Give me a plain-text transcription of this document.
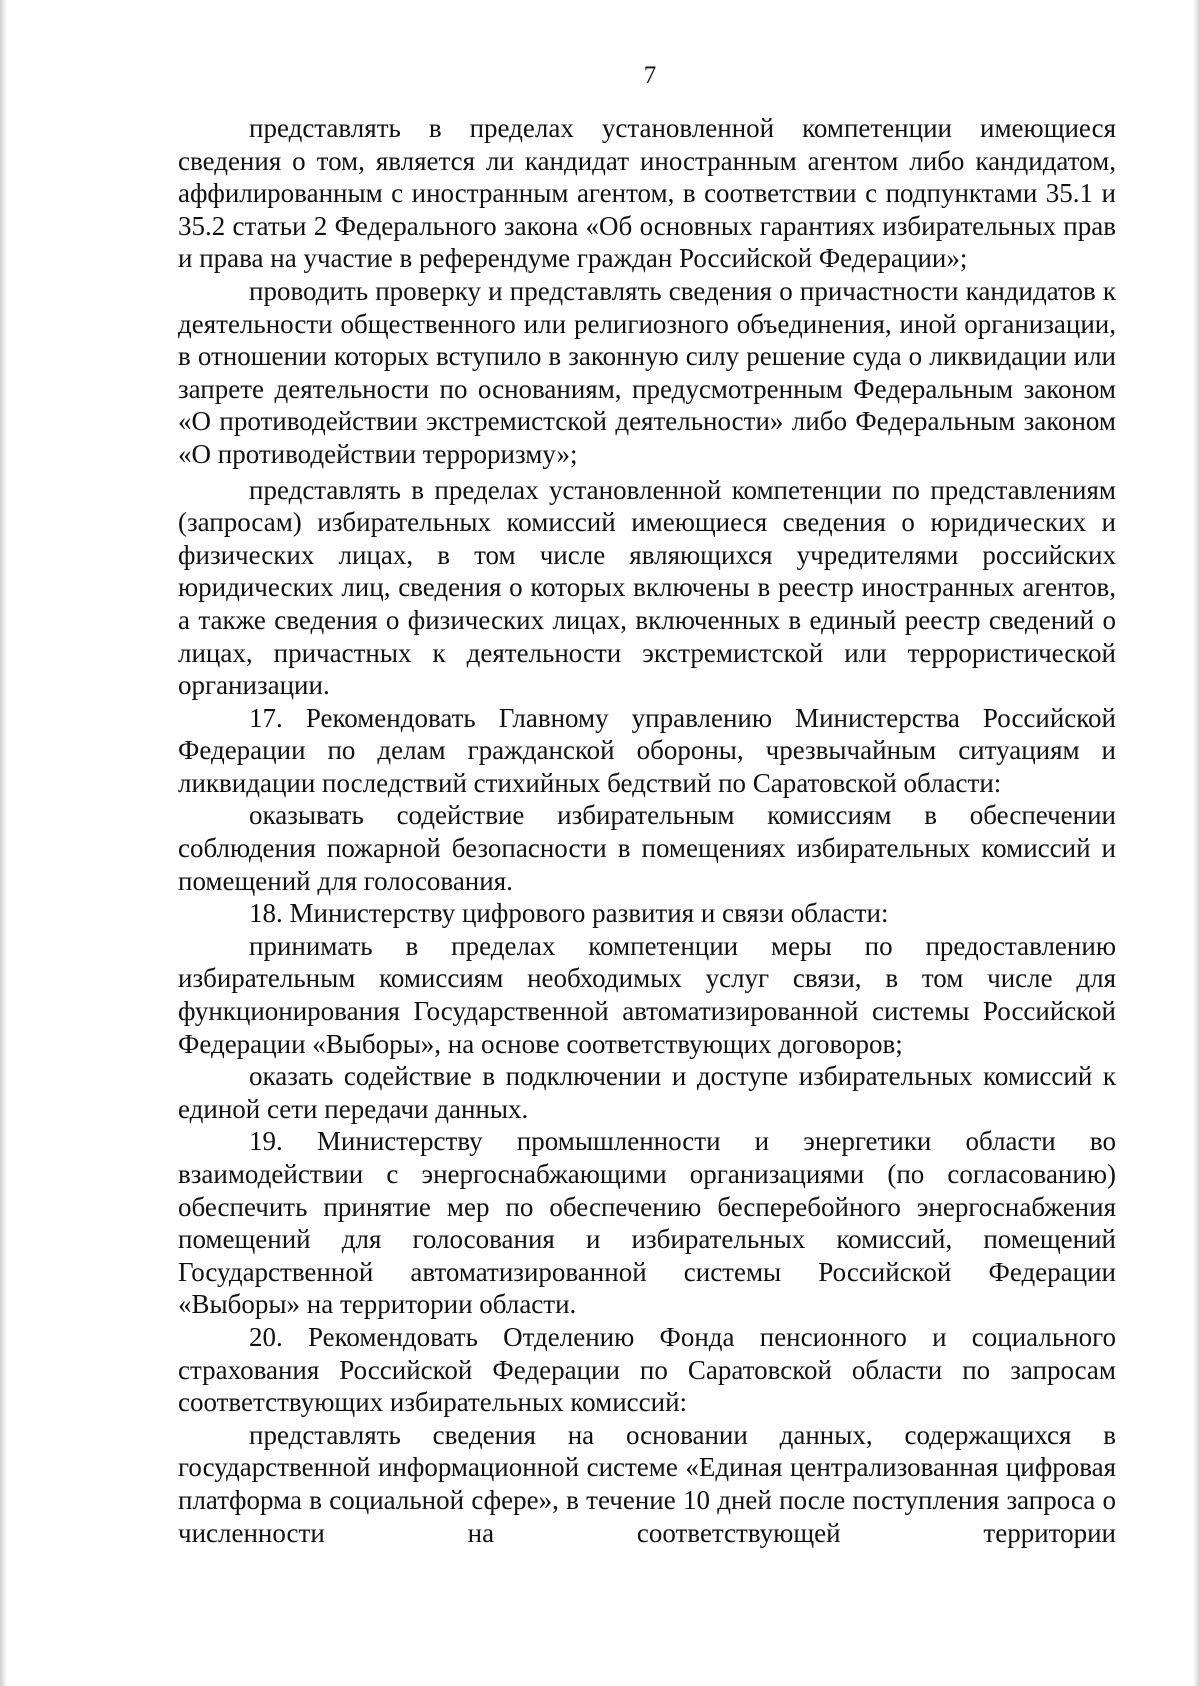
7

представлять в пределах установленной компетенции имеющиеся сведения о том, является ли кандидат иностранным агентом либо кандидатом, аффилированным с иностранным агентом, в соответствии с подпунктами 35.1 и 35.2 статьи 2 Федерального закона «Об основных гарантиях избирательных прав и права на участие в референдуме граждан Российской Федерации»;

проводить проверку и представлять сведения о причастности кандидатов к деятельности общественного или религиозного объединения, иной организации, в отношении которых вступило в законную силу решение суда о ликвидации или запрете деятельности по основаниям, предусмотренным Федеральным законом «О противодействии экстремистской деятельности» либо Федеральным законом «О противодействии терроризму»;

представлять в пределах установленной компетенции по представлениям (запросам) избирательных комиссий имеющиеся сведения о юридических и физических лицах, в том числе являющихся учредителями российских юридических лиц, сведения о которых включены в реестр иностранных агентов, а также сведения о физических лицах, включенных в единый реестр сведений о лицах, причастных к деятельности экстремистской или террористической организации.

17. Рекомендовать Главному управлению Министерства Российской Федерации по делам гражданской обороны, чрезвычайным ситуациям и ликвидации последствий стихийных бедствий по Саратовской области:

оказывать содействие избирательным комиссиям в обеспечении соблюдения пожарной безопасности в помещениях избирательных комиссий и помещений для голосования.

18. Министерству цифрового развития и связи области:

принимать в пределах компетенции меры по предоставлению избирательным комиссиям необходимых услуг связи, в том числе для функционирования Государственной автоматизированной системы Российской Федерации «Выборы», на основе соответствующих договоров;

оказать содействие в подключении и доступе избирательных комиссий к единой сети передачи данных.

19. Министерству промышленности и энергетики области во взаимодействии с энергоснабжающими организациями (по согласованию) обеспечить принятие мер по обеспечению бесперебойного энергоснабжения помещений для голосования и избирательных комиссий, помещений Государственной автоматизированной системы Российской Федерации «Выборы» на территории области.

20. Рекомендовать Отделению Фонда пенсионного и социального страхования Российской Федерации по Саратовской области по запросам соответствующих избирательных комиссий:

представлять сведения на основании данных, содержащихся в государственной информационной системе «Единая централизованная цифровая платформа в социальной сфере», в течение 10 дней после поступления запроса о численности на соответствующей территории
